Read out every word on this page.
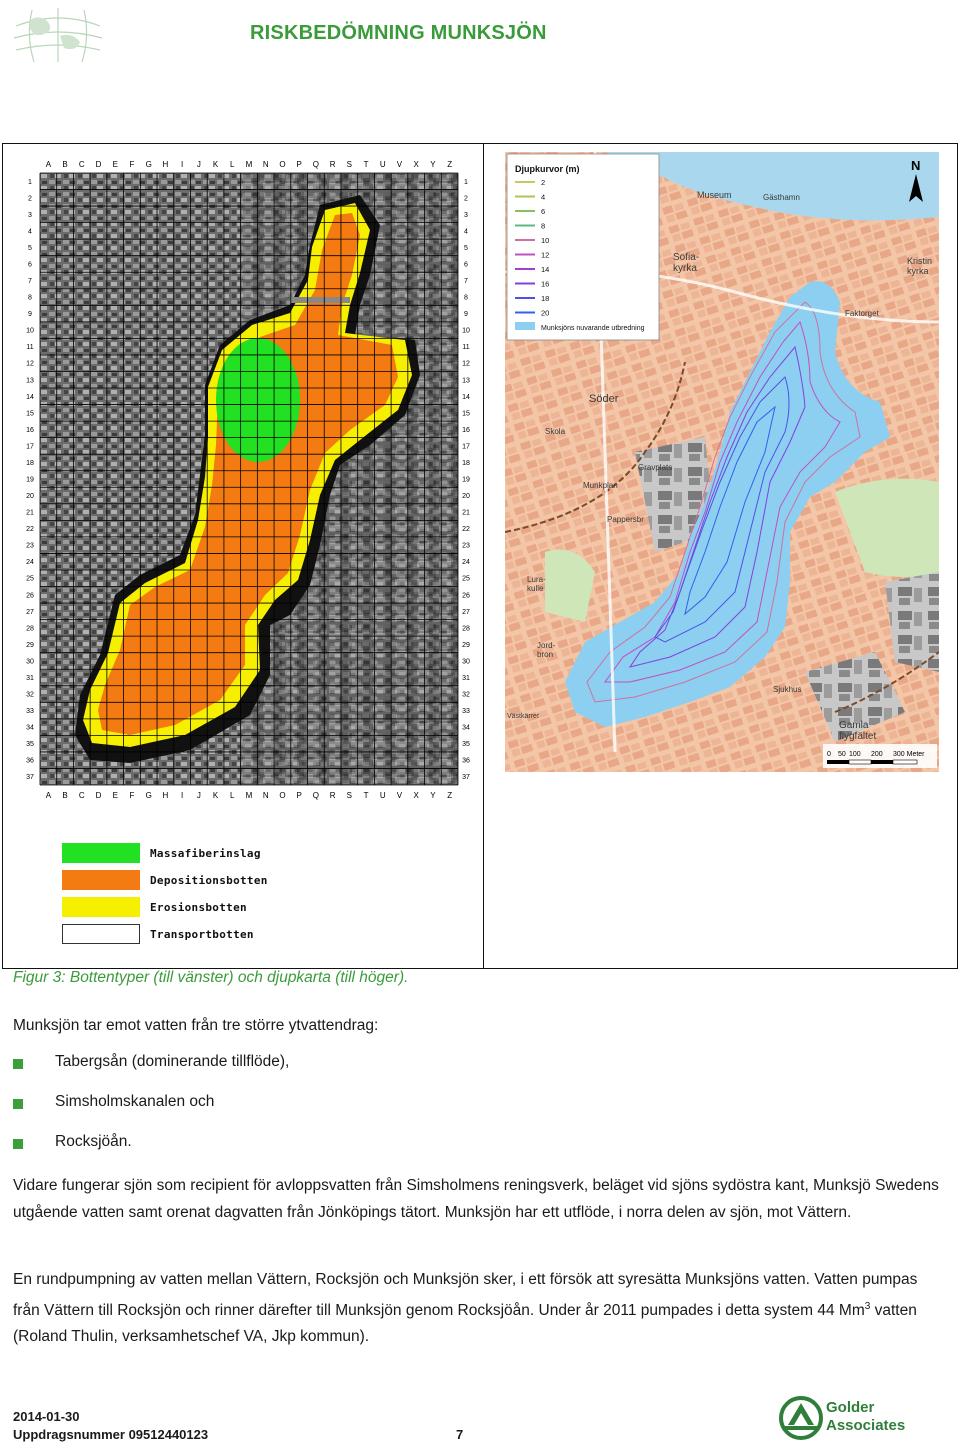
RISKBEDÖMNING MUNKSJÖN
A
A
B
B
C
C
D
D
E
E
F
F
G
G
H
H
I
I
J
J
K
K
L
L
M
M
N
N
O
O
P
P
Q
Q
R
R
S
S
T
T
U
U
V
V
X
X
Y
Y
Z
Z
1	1
2	2
3	3
4	4
5	5
6	6
7	7
8	8
9	9
10	10
11	11
12	12
13	13
14	14
15	15
16	16
17	17
18	18
19	19
20	20
21	21
22	22
23	23
24	24
25	25
26	26
27	27
28	28
29	29
30	30
31	31
32	32
33	33
34	34
35	35
36	36
37	37
Massafiberinslag
Depositionsbotten
Erosionsbotten
Transportbotten
Museum	Gästhamn
Sofia-kyrka
Kristin kyrka
Faktorget
Söder
Skola
Gravplats
Munkplan
Pappersbr
Lura-kulle
Jord-bron
Västkärret
Sjukhus
Gamla flygfältet
N
Djupkurvor (m)
2
4
6
8
10
12
14
16
18
20
Munksjöns nuvarande utbredning
0 50 100 200 300 Meter
Figur 3: Bottentyper (till vänster) och djupkarta (till höger).
Munksjön tar emot vatten från tre större ytvattendrag:
Tabergsån (dominerande tillflöde),
Simsholmskanalen och
Rocksjöån.
Vidare fungerar sjön som recipient för avloppsvatten från Simsholmens reningsverk, beläget vid sjöns sydöstra kant, Munksjö Swedens utgående vatten samt orenat dagvatten från Jönköpings tätort. Munksjön har ett utflöde, i norra delen av sjön, mot Vättern.
En rundpumpning av vatten mellan Vättern, Rocksjön och Munksjön sker, i ett försök att syresätta Munksjöns vatten. Vatten pumpas från Vättern till Rocksjön och rinner därefter till Munksjön genom Rocksjöån. Under år 2011 pumpades i detta system 44 Mm$^3$ vatten (Roland Thulin, verksamhetschef VA, Jkp kommun).
2014-01-30
Uppdragsnummer 09512440123	7
Golder
Associates
